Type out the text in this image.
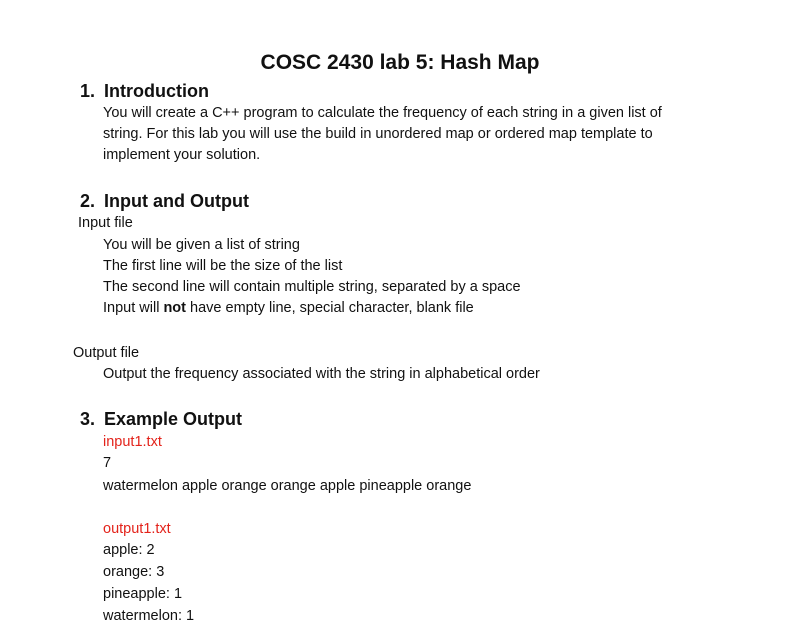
COSC 2430 lab 5: Hash Map
1. Introduction
You will create a C++ program to calculate the frequency of each string in a given list of
string. For this lab you will use the build in unordered map or ordered map template to
implement your solution.
2. Input and Output
Input file
You will be given a list of string
The first line will be the size of the list
The second line will contain multiple string, separated by a space
Input will not have empty line, special character, blank file
Output file
Output the frequency associated with the string in alphabetical order
3. Example Output
input1.txt
7
watermelon apple orange orange apple pineapple orange
output1.txt
apple: 2
orange: 3
pineapple: 1
watermelon: 1
